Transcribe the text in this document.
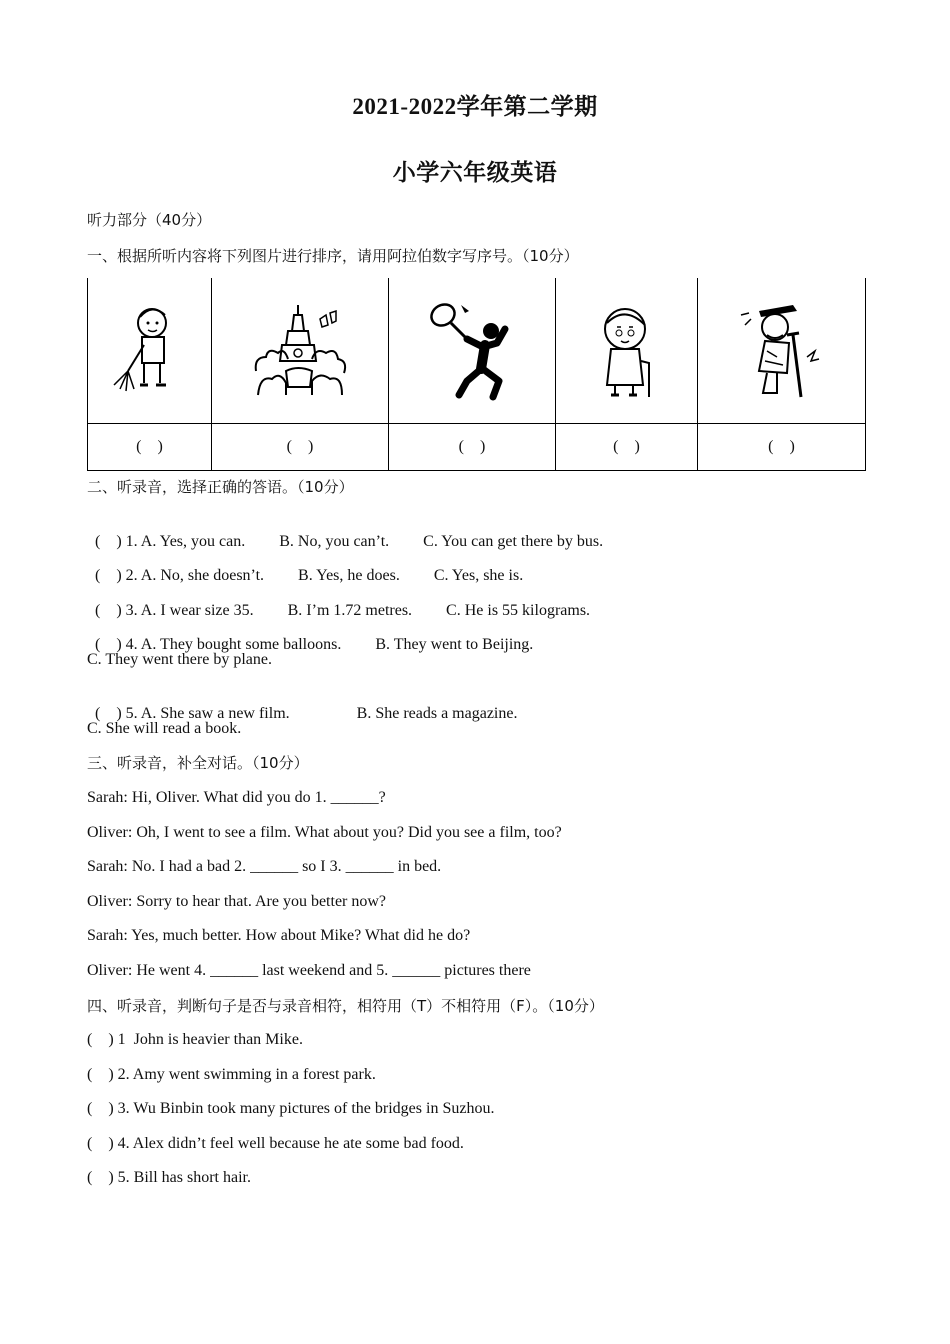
2021-2022学年第二学期
小学六年级英语
听力部分（40分）
一、根据所听内容将下列图片进行排序，请用阿拉伯数字写序号。（10分）

(    )	(    )	(    )	(    )	(    )
二、听录音，选择正确的答语。（10分）

(    ) 1. A. Yes, you can. B. No, you can’t. C. You can get there by bus.

(    ) 2. A. No, she doesn’t. B. Yes, he does. C. Yes, she is.

(    ) 3. A. I wear size 35. B. I’m 1.72 metres. C. He is 55 kilograms.

(    ) 4. A. They bought some balloons. B. They went to Beijing.

C. They went there by plane.

(    ) 5. A. She saw a new film.	B. She reads a magazine.

C. She will read a book.
三、听录音，补全对话。（10分）
Sarah: Hi, Oliver. What did you do 1. ______?
Oliver: Oh, I went to see a film. What about you? Did you see a film, too?
Sarah: No. I had a bad 2. ______ so I 3. ______ in bed.
Oliver: Sorry to hear that. Are you better now?
Sarah: Yes, much better. How about Mike? What did he do?
Oliver: He went 4. ______ last weekend and 5. ______ pictures there
四、听录音，判断句子是否与录音相符，相符用（T）不相符用（F）。（10分）
(    ) 1  John is heavier than Mike.
(    ) 2. Amy went swimming in a forest park.
(    ) 3. Wu Binbin took many pictures of the bridges in Suzhou.
(    ) 4. Alex didn’t feel well because he ate some bad food.
(    ) 5. Bill has short hair.
